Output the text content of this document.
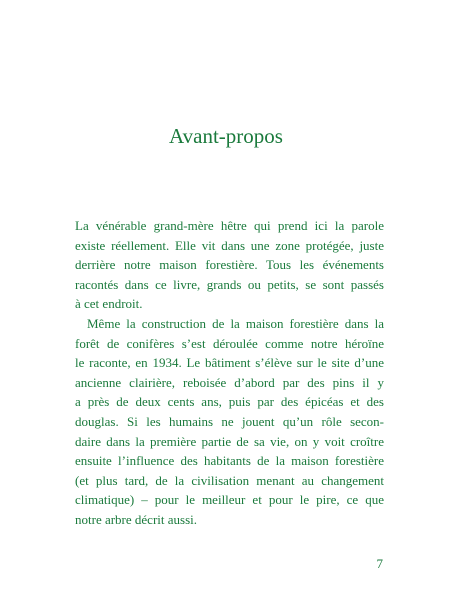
Avant-propos
La vénérable grand-mère hêtre qui prend ici la parole
existe réellement. Elle vit dans une zone protégée, juste
derrière notre maison forestière. Tous les événements
racontés dans ce livre, grands ou petits, se sont passés
à cet endroit.
Même la construction de la maison forestière dans la
forêt de conifères s’est déroulée comme notre héroïne
le raconte, en 1934. Le bâtiment s’élève sur le site d’une
ancienne clairière, reboisée d’abord par des pins il y
a près de deux cents ans, puis par des épicéas et des
douglas. Si les humains ne jouent qu’un rôle secon-
daire dans la première partie de sa vie, on y voit croître
ensuite l’influence des habitants de la maison forestière
(et plus tard, de la civilisation menant au changement
climatique) – pour le meilleur et pour le pire, ce que
notre arbre décrit aussi.
7
